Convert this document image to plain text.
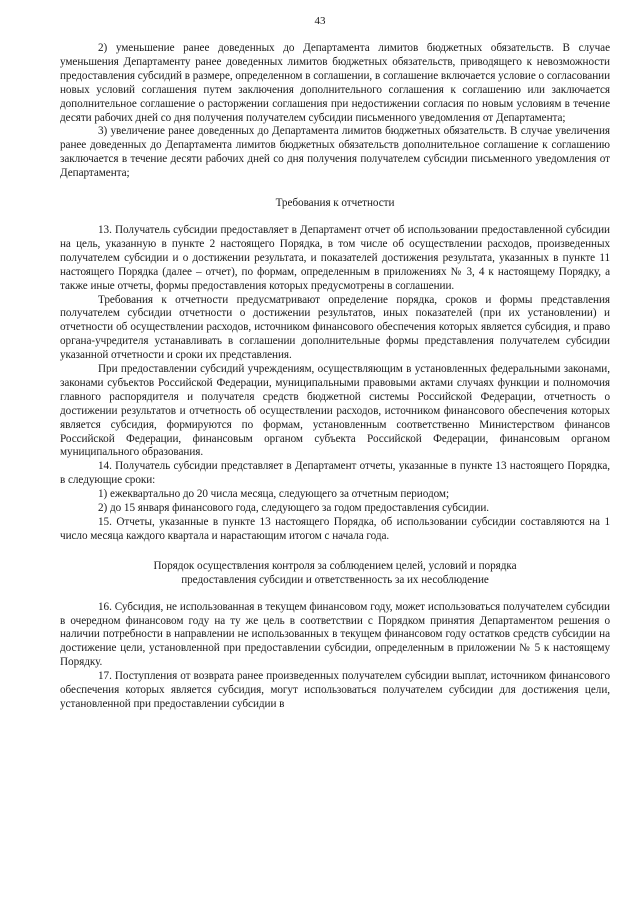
43

2) уменьшение ранее доведенных до Департамента лимитов бюджетных обязательств. В случае уменьшения Департаменту ранее доведенных лимитов бюджетных обязательств, приводящего к невозможности предоставления субсидий в размере, определенном в соглашении, в соглашение включается условие о согласовании новых условий соглашения путем заключения дополнительного соглашения к соглашению или заключается дополнительное соглашение о расторжении соглашения при недостижении согласия по новым условиям в течение десяти рабочих дней со дня получения получателем субсидии письменного уведомления от Департамента;

3) увеличение ранее доведенных до Департамента лимитов бюджетных обязательств. В случае увеличения ранее доведенных до Департамента лимитов бюджетных обязательств дополнительное соглашение к соглашению заключается в течение десяти рабочих дней со дня получения получателем субсидии письменного уведомления от Департамента;

Требования к отчетности

13. Получатель субсидии предоставляет в Департамент отчет об использовании предоставленной субсидии на цель, указанную в пункте 2 настоящего Порядка, в том числе об осуществлении расходов, произведенных получателем субсидии и о достижении результата, и показателей достижения результата, указанных в пункте 11 настоящего Порядка (далее – отчет), по формам, определенным в приложениях № 3, 4 к настоящему Порядку, а также иные отчеты, формы предоставления которых предусмотрены в соглашении.

Требования к отчетности предусматривают определение порядка, сроков и формы представления получателем субсидии отчетности о достижении результатов, иных показателей (при их установлении) и отчетности об осуществлении расходов, источником финансового обеспечения которых является субсидия, и право органа-учредителя устанавливать в соглашении дополнительные формы представления получателем субсидии указанной отчетности и сроки их представления.

При предоставлении субсидий учреждениям, осуществляющим в установленных федеральными законами, законами субъектов Российской Федерации, муниципальными правовыми актами случаях функции и полномочия главного распорядителя и получателя средств бюджетной системы Российской Федерации, отчетность о достижении результатов и отчетность об осуществлении расходов, источником финансового обеспечения которых является субсидия, формируются по формам, установленным соответственно Министерством финансов Российской Федерации, финансовым органом субъекта Российской Федерации, финансовым органом муниципального образования.

14. Получатель субсидии представляет в Департамент отчеты, указанные в пункте 13 настоящего Порядка, в следующие сроки:

1) ежеквартально до 20 числа месяца, следующего за отчетным периодом;

2) до 15 января финансового года, следующего за годом предоставления субсидии.

15. Отчеты, указанные в пункте 13 настоящего Порядка, об использовании субсидии составляются на 1 число месяца каждого квартала и нарастающим итогом с начала года.

Порядок осуществления контроля за соблюдением целей, условий и порядка

предоставления субсидии и ответственность за их несоблюдение

16. Субсидия, не использованная в текущем финансовом году, может использоваться получателем субсидии в очередном финансовом году на ту же цель в соответствии с Порядком принятия Департаментом решения о наличии потребности в направлении не использованных в текущем финансовом году остатков средств субсидии на достижение цели, установленной при предоставлении субсидии, определенным в приложении № 5 к настоящему Порядку.

17. Поступления от возврата ранее произведенных получателем субсидии выплат, источником финансового обеспечения которых является субсидия, могут использоваться получателем субсидии для достижения цели, установленной при предоставлении субсидии в
